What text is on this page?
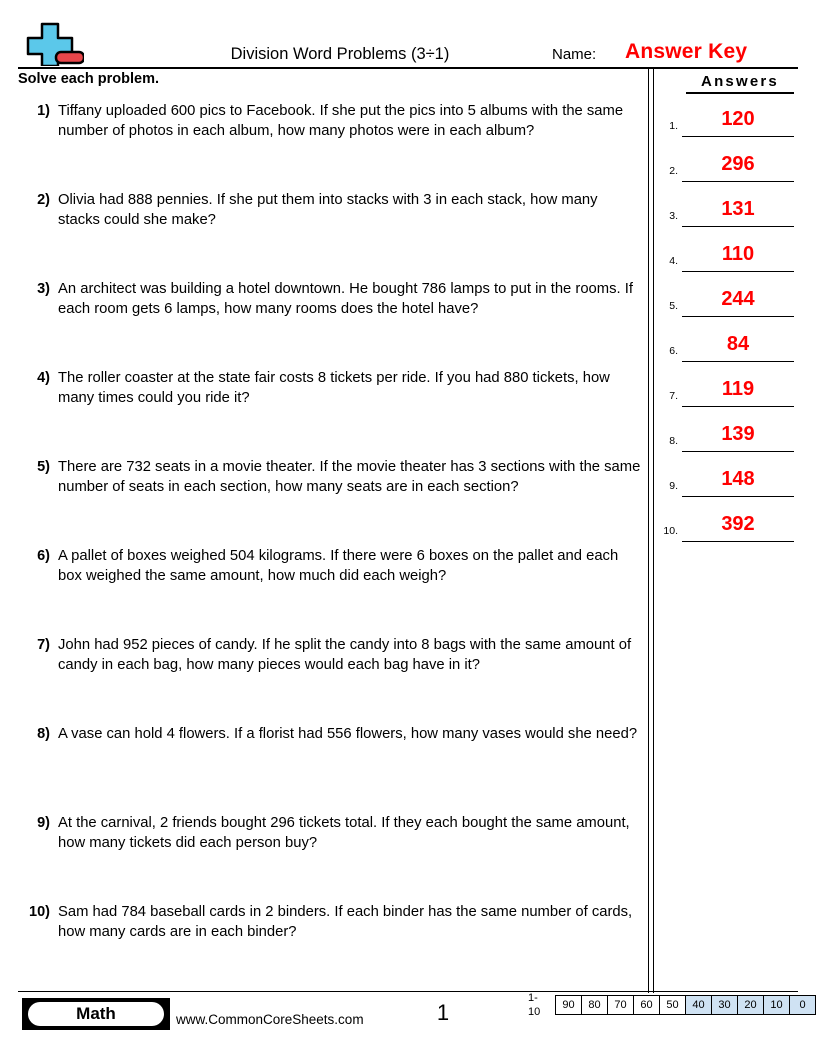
Division Word Problems (3÷1)	Name: Answer Key
Solve each problem.
1) Tiffany uploaded 600 pics to Facebook. If she put the pics into 5 albums with the same number of photos in each album, how many photos were in each album?
2) Olivia had 888 pennies. If she put them into stacks with 3 in each stack, how many stacks could she make?
3) An architect was building a hotel downtown. He bought 786 lamps to put in the rooms. If each room gets 6 lamps, how many rooms does the hotel have?
4) The roller coaster at the state fair costs 8 tickets per ride. If you had 880 tickets, how many times could you ride it?
5) There are 732 seats in a movie theater. If the movie theater has 3 sections with the same number of seats in each section, how many seats are in each section?
6) A pallet of boxes weighed 504 kilograms. If there were 6 boxes on the pallet and each box weighed the same amount, how much did each weigh?
7) John had 952 pieces of candy. If he split the candy into 8 bags with the same amount of candy in each bag, how many pieces would each bag have in it?
8) A vase can hold 4 flowers. If a florist had 556 flowers, how many vases would she need?
9) At the carnival, 2 friends bought 296 tickets total. If they each bought the same amount, how many tickets did each person buy?
10) Sam had 784 baseball cards in 2 binders. If each binder has the same number of cards, how many cards are in each binder?
Answers
1.	120
2.	296
3.	131
4.	110
5.	244
6.	84
7.	119
8.	139
9.	148
10.	392
Math	www.CommonCoreSheets.com	1
1-10
90	80	70	60	50	40	30	20	10	0
